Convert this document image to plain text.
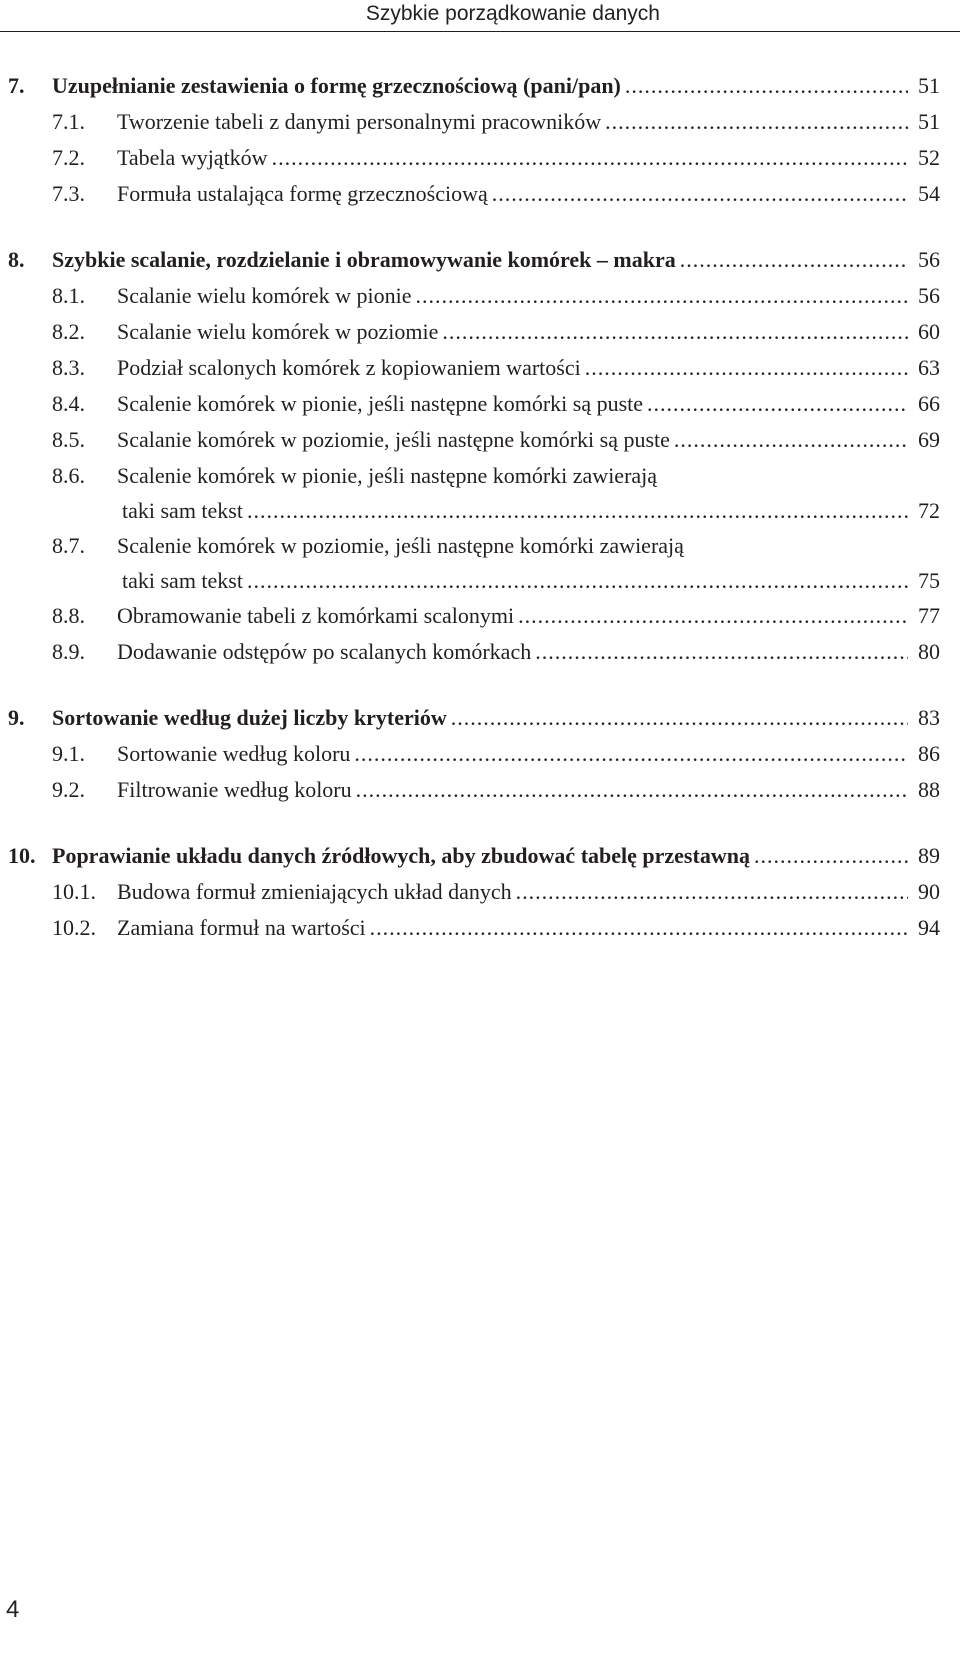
Szybkie porządkowanie danych
7. Uzupełnianie zestawienia o formę grzecznościową (pani/pan) .....	51
7.1. Tworzenie tabeli z danymi personalnymi pracowników .....	51
7.2. Tabela wyjątków .....	52
7.3. Formuła ustalająca formę grzecznościową .....	54
8. Szybkie scalanie, rozdzielanie i obramowywanie komórek – makra .....	56
8.1. Scalanie wielu komórek w pionie .....	56
8.2. Scalanie wielu komórek w poziomie .....	60
8.3. Podział scalonych komórek z kopiowaniem wartości .....	63
8.4. Scalenie komórek w pionie, jeśli następne komórki są puste .....	66
8.5. Scalanie komórek w poziomie, jeśli następne komórki są puste .....	69
8.6. Scalenie komórek w pionie, jeśli następne komórki zawierają
taki sam tekst .....	72
8.7. Scalenie komórek w poziomie, jeśli następne komórki zawierają
taki sam tekst .....	75
8.8. Obramowanie tabeli z komórkami scalonymi .....	77
8.9. Dodawanie odstępów po scalanych komórkach .....	80
9. Sortowanie według dużej liczby kryteriów .....	83
9.1. Sortowanie według koloru .....	86
9.2. Filtrowanie według koloru .....	88
10. Poprawianie układu danych źródłowych, aby zbudować tabelę przestawną .....	89
10.1. Budowa formuł zmieniających układ danych .....	90
10.2. Zamiana formuł na wartości .....	94
4
